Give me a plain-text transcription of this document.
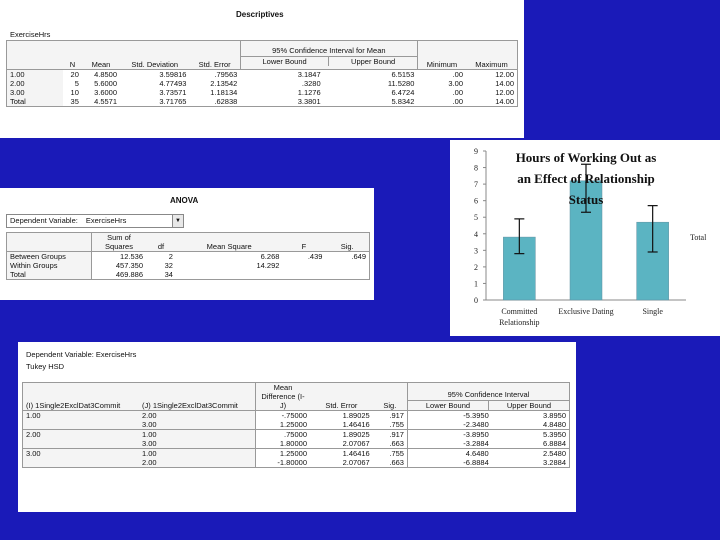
Descriptives
ExerciseHrs
	N	Mean	Std. Deviation	Std. Error	95% Confidence Interval for Mean
Lower Bound Upper Bound		Minimum	Maximum
1.00	20	4.8500	3.59816	.79563	3.1847	6.5153	.00	12.00
2.00	5	5.6000	4.77493	2.13542	.3280	11.5280	3.00	14.00
3.00	10	3.6000	3.73571	1.18134	1.1276	6.4724	.00	12.00
Total	35	4.5571	3.71765	.62838	3.3801	5.8342	.00	14.00
ANOVA
Dependent Variable: ExerciseHrs	▼
	Sum of Squares	df	Mean Square	F	Sig.
Between Groups	12.536	2	6.268	.439	.649
Within Groups	457.350	32	14.292		
Total	469.886	34			
0
1
2
3
4
5
6
7
8
9
Committed Relationship
Exclusive Dating	Single
Hours of Working Out as an Effect of Relationship Status
Total
Dependent Variable: ExerciseHrs
Tukey HSD
(I) 1Single2ExclDat3Commit	(J) 1Single2ExclDat3Commit	Mean Difference (I-J)	Std. Error	Sig.	95% Confidence Interval
Lower Bound Upper Bound	

1.00	2.00	-.75000	1.89025	.917	-5.3950	3.8950
	3.00	1.25000	1.46416	.755	-2.3480	4.8480
2.00	1.00	.75000	1.89025	.917	-3.8950	5.3950
	3.00	1.80000	2.07067	.663	-3.2884	6.8884
3.00	1.00	1.25000	1.46416	.755	4.6480	2.5480
	2.00	-1.80000	2.07067	.663	-6.8884	3.2884
